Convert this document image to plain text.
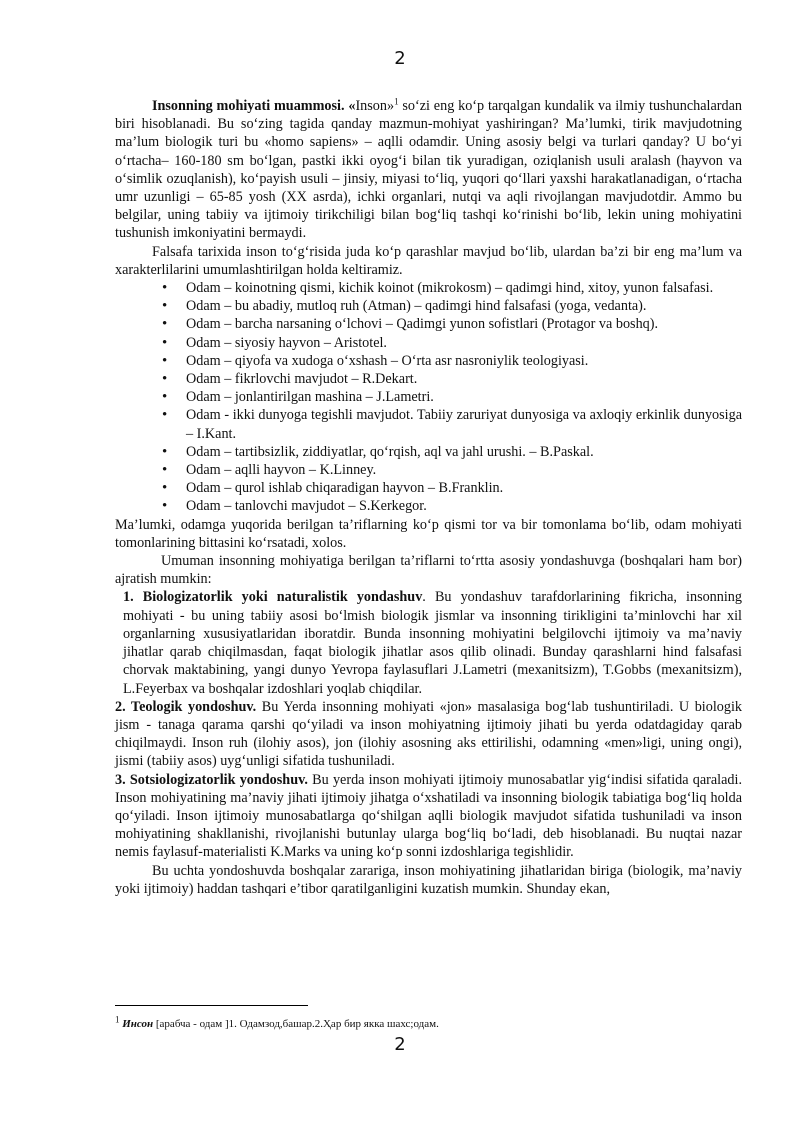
2

Insonning mohiyati muammosi. «Inson»$^1$ so‘zi eng ko‘p tarqalgan kundalik va ilmiy tushunchalardan biri hisoblanadi. Bu so‘zing tagida qanday mazmun-mohiyat yashiringan? Ma’lumki, tirik mavjudotning ma’lum biologik turi bu «homo sapiens» – aqlli odamdir. Uning asosiy belgi va turlari qanday? U bo‘yi o‘rtacha– 160-180 sm bo‘lgan, pastki ikki oyog‘i bilan tik yuradigan, oziqlanish usuli aralash (hayvon va o‘simlik ozuqlanish), ko‘payish usuli – jinsiy, miyasi to‘liq, yuqori qo‘llari yaxshi harakatlanadigan, o‘rtacha umr uzunligi – 65-85 yosh (XX asrda), ichki organlari, nutqi va aqli rivojlangan mavjudotdir. Ammo bu belgilar, uning tabiiy va ijtimoiy tirikchiligi bilan bog‘liq tashqi ko‘rinishi bo‘lib, lekin uning mohiyatini tushunish imkoniyatini bermaydi.

Falsafa tarixida inson to‘g‘risida juda ko‘p qarashlar mavjud bo‘lib, ulardan ba’zi bir eng ma’lum va xarakterlilarini umumlashtirilgan holda keltiramiz.

• Odam – koinotning qismi, kichik koinot (mikrokosm) – qadimgi hind, xitoy, yunon falsafasi.
• Odam – bu abadiy, mutloq ruh (Atman) – qadimgi hind falsafasi (yoga, vedanta).
• Odam – barcha narsaning o‘lchovi – Qadimgi yunon sofistlari (Protagor va boshq).
• Odam – siyosiy hayvon – Aristotel.
• Odam – qiyofa va xudoga o‘xshash – O‘rta asr nasroniylik teologiyasi.
• Odam – fikrlovchi mavjudot – R.Dekart.
• Odam – jonlantirilgan mashina – J.Lametri.
• Odam - ikki dunyoga tegishli mavjudot. Tabiiy zaruriyat dunyosiga va axloqiy erkinlik dunyosiga – I.Kant.
• Odam – tartibsizlik, ziddiyatlar, qo‘rqish, aql va jahl urushi. – B.Paskal.
• Odam – aqlli hayvon – K.Linney.
• Odam – qurol ishlab chiqaradigan hayvon – B.Franklin.
• Odam – tanlovchi mavjudot – S.Kerkegor.

Ma’lumki, odamga yuqorida berilgan ta’riflarning ko‘p qismi tor va bir tomonlama bo‘lib, odam mohiyati tomonlarining bittasini ko‘rsatadi, xolos.

Umuman insonning mohiyatiga berilgan ta’riflarni to‘rtta asosiy yondashuvga (boshqalari ham bor) ajratish mumkin:

1. Biologizatorlik yoki naturalistik yondashuv. Bu yondashuv tarafdorlarining fikricha, insonning mohiyati - bu uning tabiiy asosi bo‘lmish biologik jismlar va insonning tirikligini ta’minlovchi har xil organlarning xususiyatlaridan iboratdir. Bunda insonning mohiyatini belgilovchi ijtimoiy va ma’naviy jihatlar qarab chiqilmasdan, faqat biologik jihatlar asos qilib olinadi. Bunday qarashlarni hind falsafasi chorvak maktabining, yangi dunyo Yevropa faylasuflari J.Lametri (mexanitsizm), T.Gobbs (mexanitsizm), L.Feyerbax va boshqalar izdoshlari yoqlab chiqdilar.

2. Teologik yondoshuv. Bu Yerda insonning mohiyati «jon» masalasiga bog‘lab tushuntiriladi. U biologik jism - tanaga qarama qarshi qo‘yiladi va inson mohiyatning ijtimoiy jihati bu yerda odatdagiday qarab chiqilmaydi. Inson ruh (ilohiy asos), jon (ilohiy asosning aks ettirilishi, odamning «men»ligi, uning ongi), jismi (tabiiy asos) uyg‘unligi sifatida tushuniladi.

3. Sotsiologizatorlik yondoshuv. Bu yerda inson mohiyati ijtimoiy munosabatlar yig‘indisi sifatida qaraladi. Inson mohiyatining ma’naviy jihati ijtimoiy jihatga o‘xshatiladi va insonning biologik tabiatiga bog‘liq holda qo‘yiladi. Inson ijtimoiy munosabatlarga qo‘shilgan aqlli biologik mavjudot sifatida tushuniladi va inson mohiyatining shakllanishi, rivojlanishi butunlay ularga bog‘liq bo‘ladi, deb hisoblanadi. Bu nuqtai nazar nemis faylasuf-materialisti K.Marks va uning ko‘p sonni izdoshlariga tegishlidir.

Bu uchta yondoshuvda boshqalar zarariga, inson mohiyatining jihatlaridan biriga (biologik, ma’naviy yoki ijtimoiy) haddan tashqari e’tibor qaratilganligini kuzatish mumkin. Shunday ekan,

$^1$ Инсон [арабча - одам ]1. Одамзод,башар.2.Ҳар бир якка шахс;одам.
2
